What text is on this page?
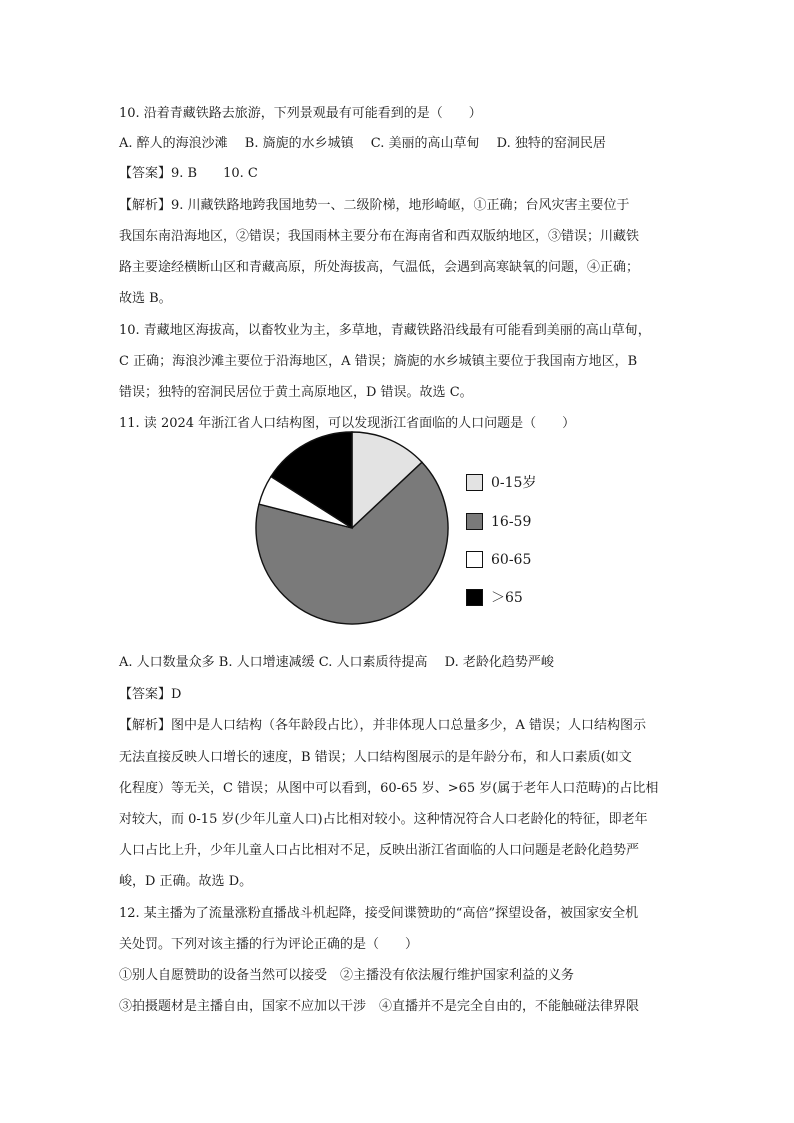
10. 沿着青藏铁路去旅游，下列景观最有可能看到的是（　　）
A. 醉人的海浪沙滩　 B. 旖旎的水乡城镇　 C. 美丽的高山草甸　 D. 独特的窑洞民居
【答案】9. B　　10. C
【解析】9. 川藏铁路地跨我国地势一、二级阶梯，地形崎岖，①正确；台风灾害主要位于
我国东南沿海地区，②错误；我国雨林主要分布在海南省和西双版纳地区，③错误；川藏铁
路主要途经横断山区和青藏高原，所处海拔高，气温低，会遇到高寒缺氧的问题，④正确；
故选 B。
10. 青藏地区海拔高，以畜牧业为主，多草地，青藏铁路沿线最有可能看到美丽的高山草甸，
C 正确；海浪沙滩主要位于沿海地区，A 错误；旖旎的水乡城镇主要位于我国南方地区，B
错误；独特的窑洞民居位于黄土高原地区，D 错误。故选 C。
11. 读 2024 年浙江省人口结构图，可以发现浙江省面临的人口问题是（　　）
0-15岁
16-59
60-65
＞65
A. 人口数量众多 B. 人口增速减缓 C. 人口素质待提高　 D. 老龄化趋势严峻
【答案】D
【解析】图中是人口结构（各年龄段占比），并非体现人口总量多少，A 错误；人口结构图示
无法直接反映人口增长的速度，B 错误；人口结构图展示的是年龄分布，和人口素质(如文
化程度）等无关，C 错误；从图中可以看到，60-65 岁、>65 岁(属于老年人口范畴)的占比相
对较大，而 0-15 岁(少年儿童人口)占比相对较小。这种情况符合人口老龄化的特征，即老年
人口占比上升，少年儿童人口占比相对不足，反映出浙江省面临的人口问题是老龄化趋势严
峻，D 正确。故选 D。
12. 某主播为了流量涨粉直播战斗机起降，接受间谍赞助的“高倍”探望设备，被国家安全机
关处罚。下列对该主播的行为评论正确的是（　　）
①别人自愿赞助的设备当然可以接受　②主播没有依法履行维护国家利益的义务
③拍摄题材是主播自由，国家不应加以干涉　④直播并不是完全自由的，不能触碰法律界限
